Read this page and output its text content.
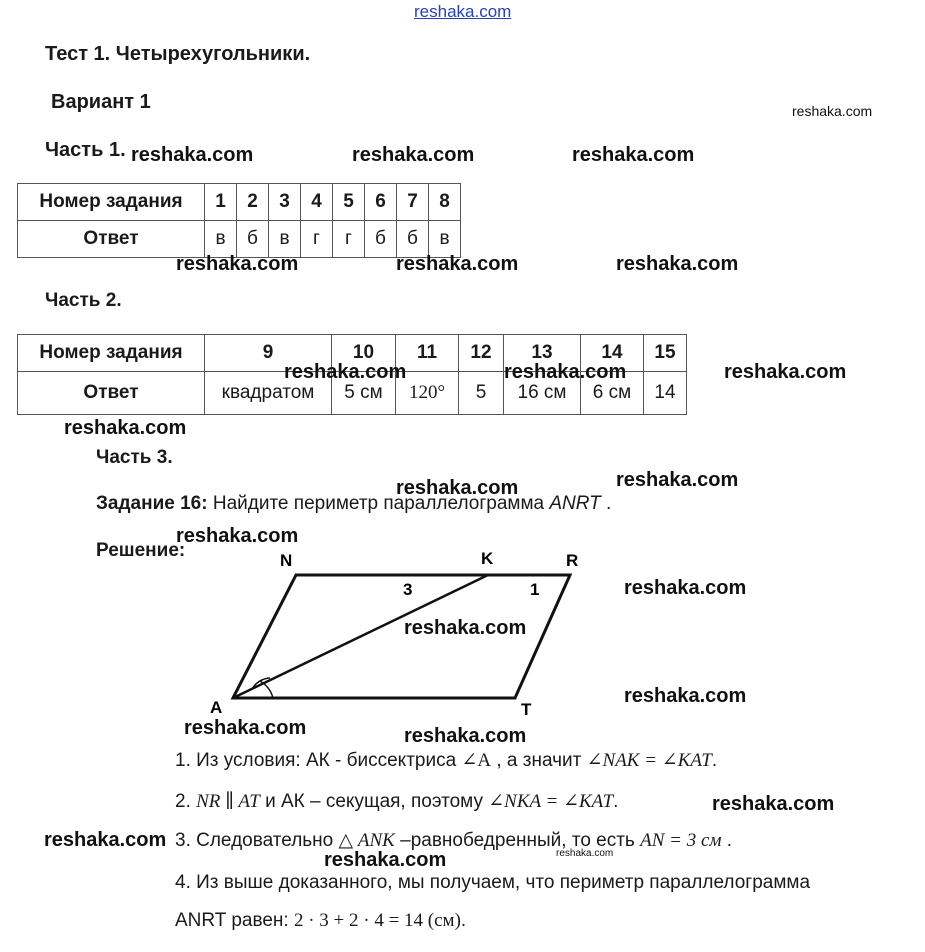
reshaka.com
Тест 1. Четырехугольники.
Вариант 1
Часть 1.
Номер задания	1	2	3	4	5	6	7	8
Ответ	в	б	в	г	г	б	б	в
Часть 2.
Номер задания	9	10	11	12	13	14	15
Ответ	квадратом	5 см	120°	5	16 см	6 см	14
Часть 3.
Задание 16: Найдите периметр параллелограмма ANRT .
Решение:	N	K	R
A	T
3	1
1. Из условия: АК - биссектриса ∠A , а значит ∠NAK = ∠KAT.
2. NR ∥ AT и АК – секущая, поэтому ∠NKA = ∠KAT.
3. Следовательно △ ANK –равнобедренный, то есть AN = 3 см .
4. Из выше доказанного, мы получаем, что периметр параллелограмма
ANRT равен: 2 · 3 + 2 · 4 = 14 (см).
reshaka.com
reshaka.com	reshaka.com	reshaka.com
reshaka.com	reshaka.com	reshaka.com
reshaka.com	reshaka.com	reshaka.com
reshaka.com
reshaka.com	reshaka.com
reshaka.com
reshaka.com
reshaka.com
reshaka.com
reshaka.com	reshaka.com
reshaka.com
reshaka.com
reshaka.com	reshaka.com
